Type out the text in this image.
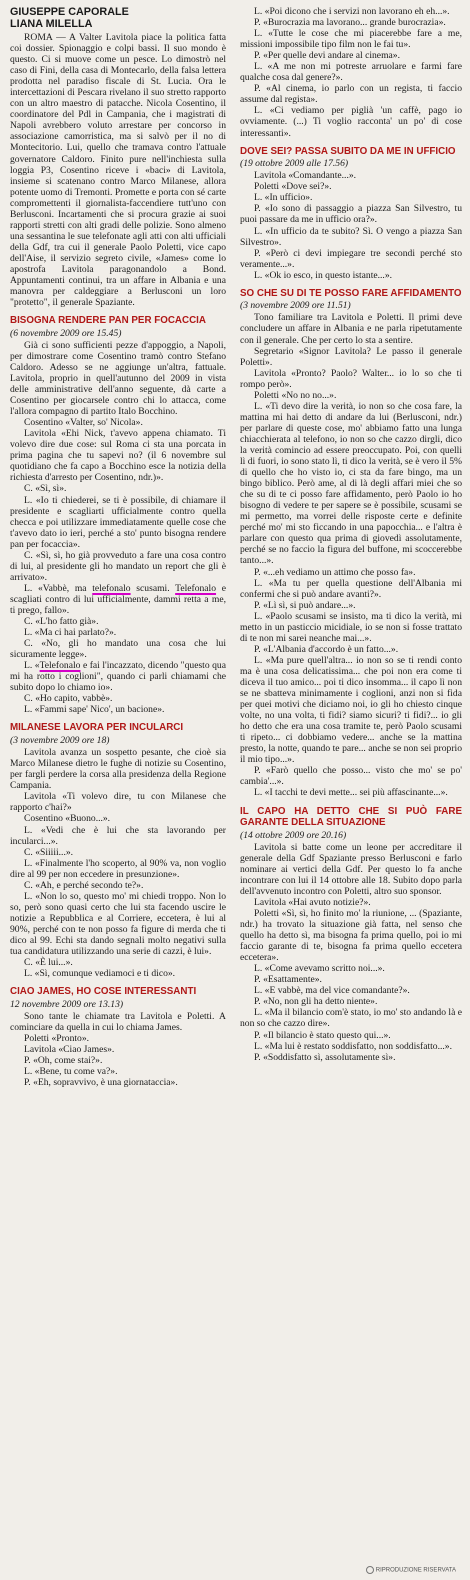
GIUSEPPE CAPORALE
LIANA MILELLA

ROMA — A Valter Lavitola piace la politica fatta coi dossier. Spionaggio e colpi bassi. Il suo mondo è questo. Ci si muove come un pesce. Lo dimostrò nel caso di Fini, della casa di Montecarlo, della falsa lettera prodotta nel paradiso fiscale di St. Lucia. Ora le intercettazioni di Pescara rivelano il suo stretto rapporto con un altro maestro di patacche. Nicola Cosentino, il coordinatore del Pdl in Campania, che i magistrati di Napoli avrebbero voluto arrestare per concorso in associazione camorristica, ma si salvò per il no di Montecitorio. Lui, quello che tramava contro l'attuale governatore Caldoro. Finito pure nell'inchiesta sulla loggia P3, Cosentino riceve i «baci» di Lavitola, insieme si scatenano contro Marco Milanese, allora potente uomo di Tremonti. Promette e porta con sé carte compromettenti il giornalista-faccendiere tutt'uno con Berlusconi. Incartamenti che si procura grazie ai suoi rapporti stretti con alti gradi delle polizie. Sono almeno una sessantina le sue telefonate agli atti con alti ufficiali della Gdf, tra cui il generale Paolo Poletti, vice capo dell'Aise, il servizio segreto civile, «James» come lo apostrofa Lavitola paragonandolo a Bond. Appuntamenti continui, tra un affare in Albania e una manovra per caldeggiare a Berlusconi un loro "protetto", il generale Spaziante.

BISOGNA RENDERE PAN PER FOCACCIA
(6 novembre 2009 ore 15.45)

Già ci sono sufficienti pezze d'appoggio, a Napoli, per dimostrare come Cosentino tramò contro Stefano Caldoro. Adesso se ne aggiunge un'altra, fattuale. Lavitola, proprio in quell'autunno del 2009 in vista delle amministrative dell'anno seguente, dà carte a Cosentino per giocarsele contro chi lo attacca, come l'allora compagno di partito Italo Bocchino.

Cosentino «Valter, so' Nicola».

Lavitola «Ehi Nick, t'avevo appena chiamato. Ti volevo dire due cose: sul Roma ci sta una porcata in prima pagina che tu sapevi no? (il 6 novembre sul quotidiano che fa capo a Bocchino esce la notizia della richiesta d'arresto per Cosentino, ndr.)».

C. «Sì, sì».

L. «Io ti chiederei, se ti è possibile, di chiamare il presidente e scagliarti ufficialmente contro quella checca e poi utilizzare immediatamente quelle cose che t'avevo dato io ieri, perché a sto' punto bisogna rendere pan per focaccia».

C. «Sì, sì, ho già provveduto a fare una cosa contro di lui, al presidente gli ho mandato un report che gli è arrivato».

L. «Vabbè, ma telefonalo scusami. Telefonalo e scagliati contro di lui ufficialmente, dammi retta a me, ti prego, fallo».

C. «L'ho fatto già».

L. «Ma ci hai parlato?».

C. «No, gli ho mandato una cosa che lui sicuramente legge».

L. «Telefonalo e fai l'incazzato, dicendo "questo qua mi ha rotto i coglioni", quando ci parli chiamami che subito dopo lo chiamo io».

C. «Ho capito, vabbè».

L. «Fammi sape' Nico', un bacione».

MILANESE LAVORA PER INCULARCI
(3 novembre 2009 ore 18)

Lavitola avanza un sospetto pesante, che cioè sia Marco Milanese dietro le fughe di notizie su Cosentino, per fargli perdere la corsa alla presidenza della Regione Campania.

Lavitola «Ti volevo dire, tu con Milanese che rapporto c'hai?»

Cosentino «Buono...».

L. «Vedi che è lui che sta lavorando per incularci...».

C. «Siiiii...».

L. «Finalmente l'ho scoperto, al 90% va, non voglio dire al 99 per non eccedere in presunzione».

C. «Ah, e perché secondo te?».

L. «Non lo so, questo mo' mi chiedi troppo. Non lo so, però sono quasi certo che lui sta facendo uscire le notizie a Repubblica e al Corriere, eccetera, è lui al 90%, perché con te non posso fa figure di merda che ti dico al 99. Echi sta dando segnali molto negativi sulla tua candidatura utilizzando una serie di cazzi, è lui».

C. «È lui...».

L. «Sì, comunque vediamoci e ti dico».

CIAO JAMES, HO COSE INTERESSANTI
12 novembre 2009 ore 13.13)

Sono tante le chiamate tra Lavitola e Poletti. A cominciare da quella in cui lo chiama James.

Poletti «Pronto».

Lavitola «Ciao James».

P. «Oh, come stai?».

L. «Bene, tu come va?».

P. «Eh, sopravvivo, è una giornataccia».

L. «Poi dicono che i servizi non lavorano eh eh...».

P. «Burocrazia ma lavorano... grande burocrazia».

L. «Tutte le cose che mi piacerebbe fare a me, missioni impossibile tipo film non le fai tu».

P. «Per quelle devi andare al cinema».

L. «A me non mi potreste arruolare e farmi fare qualche cosa dal genere?».

P. «Al cinema, io parlo con un regista, ti faccio assume dal regista».

L. «Ci vediamo per piglià 'un caffè, pago io ovviamente. (...) Ti voglio racconta' un po' di cose interessanti».

DOVE SEI? PASSA SUBITO DA ME IN UFFICIO
(19 ottobre 2009 alle 17.56)

Lavitola «Comandante...».

Poletti «Dove sei?».

L. «In ufficio».

P. «Io sono di passaggio a piazza San Silvestro, tu puoi passare da me in ufficio ora?».

L. «In ufficio da te subito? Sì. O vengo a piazza San Silvestro».

P. «Però ci devi impiegare tre secondi perché sto veramente...».

L. «Ok io esco, in questo istante...».

SO CHE SU DI TE POSSO FARE AFFIDAMENTO
(3 novembre 2009 ore 11.51)

Tono familiare tra Lavitola e Poletti. Il primi deve concludere un affare in Albania e ne parla ripetutamente con il generale. Che per certo lo sta a sentire.

Segretario «Signor Lavitola? Le passo il generale Poletti».

Lavitola «Pronto? Paolo? Walter... io lo so che ti rompo però».

Poletti «No no no...».

L. «Ti devo dire la verità, io non so che cosa fare, la mattina mi hai detto di andare da lui (Berlusconi, ndr.) per parlare di queste cose, mo' abbiamo fatto una lunga chiacchierata al telefono, io non so che cazzo dirgli, dico la verità comincio ad essere preoccupato. Poi, con quelli lì di fuori, io sono stato lì, ti dico la verità, se è vero il 5% di quello che ho visto io, ci sta da fare bingo, ma un bingo biblico. Però ame, al di là degli affari miei che so che su di te ci posso fare affidamento, però Paolo io ho bisogno di vedere te per sapere se è possibile, scusami se mi permetto, ma vorrei delle risposte certe e definite perché mo' mi sto ficcando in una papocchia... e l'altra è parlare con questo qua prima di giovedì assolutamente, perché se no faccio la figura del buffone, mi scoccerebbe tanto...».

P. «...eh vediamo un attimo che posso fa».

L. «Ma tu per quella questione dell'Albania mi confermi che si può andare avanti?».

P. «Lì sì, si può andare...».

L. «Paolo scusami se insisto, ma ti dico la verità, mi metto in un pasticcio micidiale, io se non si fosse trattato di te non mi sarei neanche mai...».

P. «L'Albania d'accordo è un fatto...».

L. «Ma pure quell'altra... io non so se ti rendi conto ma è una cosa delicatissima... che poi non era come ti diceva il tuo amico... poi ti dico insomma... il capo lì non se ne sbatteva minimamente i coglioni, anzi non si fida per quei motivi che diciamo noi, io gli ho chiesto cinque volte, no una volta, ti fidi? siamo sicuri? ti fidi?... io gli ho detto che era una cosa tramite te, però Paolo scusami ti ripeto... ci dobbiamo vedere... anche se la mattina presto, la notte, quando te pare... anche se non sei proprio il mio tipo...».

P. «Farò quello che posso... visto che mo' se po' cambia'...».

L. «I tacchi te devi mette... sei più affascinante...».

IL CAPO HA DETTO CHE SI PUÒ FARE GARANTE DELLA SITUAZIONE
(14 ottobre 2009 ore 20.16)

Lavitola si batte come un leone per accreditare il generale della Gdf Spaziante presso Berlusconi e farlo nominare ai vertici della Gdf. Per questo lo fa anche incontrare con lui il 14 ottobre alle 18. Subito dopo parla dell'avvenuto incontro con Poletti, altro suo sponsor.

Lavitola «Hai avuto notizie?».

Poletti «Sì, sì, ho finito mo' la riunione, ... (Spaziante, ndr.) ha trovato la situazione già fatta, nel senso che quello ha detto sì, ma bisogna fa prima quello, poi io mi faccio garante di te, bisogna fa prima quello eccetera eccetera».

L. «Come avevamo scritto noi...».

P. «Esattamente».

L. «E vabbè, ma del vice comandante?».

P. «No, non gli ha detto niente».

L. «Ma il bilancio com'è stato, io mo' sto andando là e non so che cazzo dire».

P. «Il bilancio è stato questo qui...».

L. «Ma lui è restato soddisfatto, non soddisfatto...».

P. «Soddisfatto sì, assolutamente sì».

RIPRODUZIONE RISERVATA
